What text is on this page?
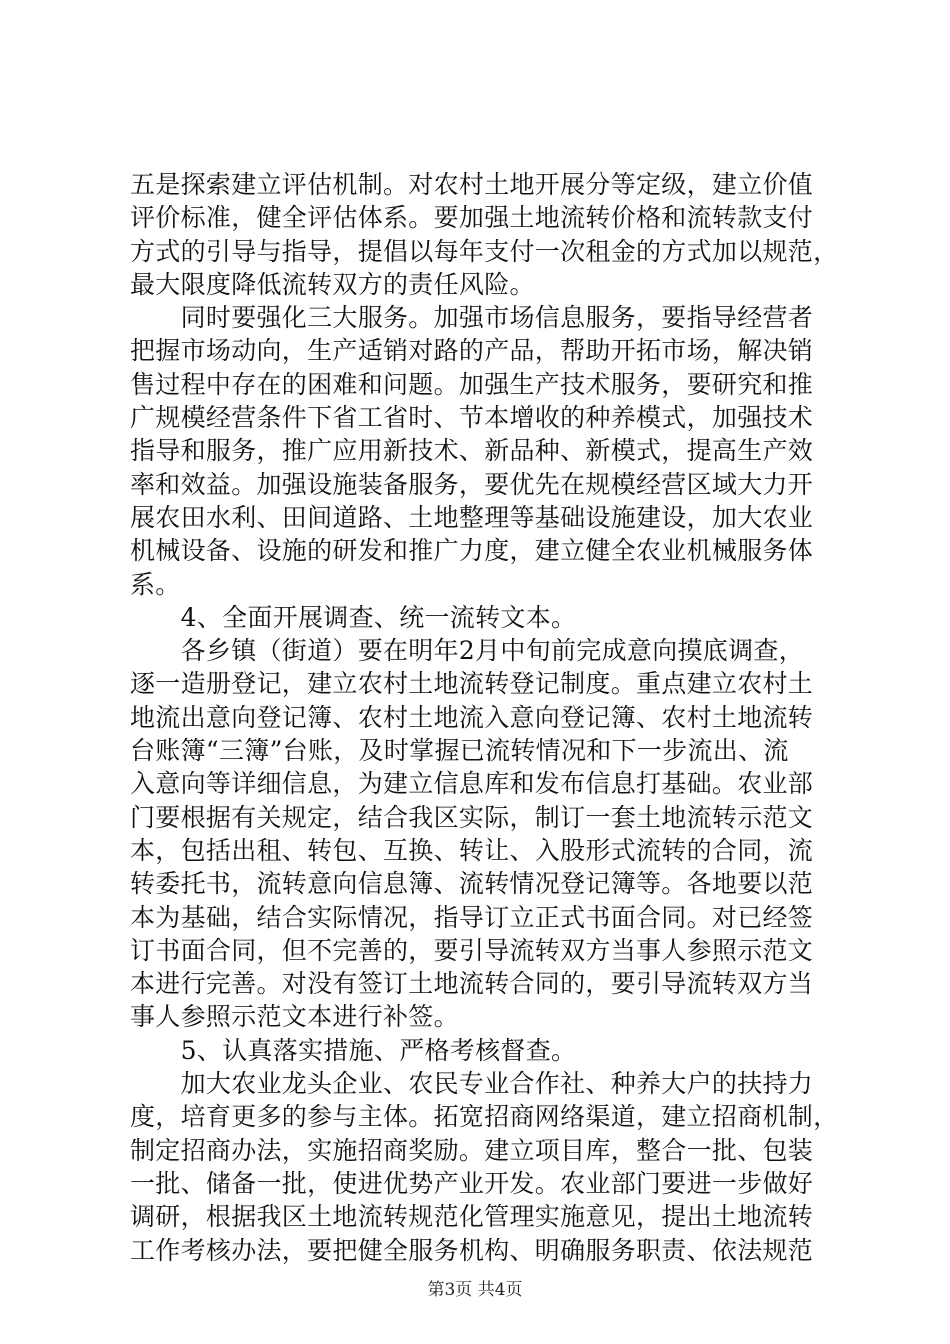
五是探索建立评估机制。对农村土地开展分等定级，建立价值
评价标准，健全评估体系。要加强土地流转价格和流转款支付
方式的引导与指导，提倡以每年支付一次租金的方式加以规范，
最大限度降低流转双方的责任风险。
　　同时要强化三大服务。加强市场信息服务，要指导经营者
把握市场动向，生产适销对路的产品，帮助开拓市场，解决销
售过程中存在的困难和问题。加强生产技术服务，要研究和推
广规模经营条件下省工省时、节本增收的种养模式，加强技术
指导和服务，推广应用新技术、新品种、新模式，提高生产效
率和效益。加强设施装备服务，要优先在规模经营区域大力开
展农田水利、田间道路、土地整理等基础设施建设，加大农业
机械设备、设施的研发和推广力度，建立健全农业机械服务体
系。
　　4、全面开展调查、统一流转文本。
　　各乡镇（街道）要在明年2月中旬前完成意向摸底调查，
逐一造册登记，建立农村土地流转登记制度。重点建立农村土
地流出意向登记簿、农村土地流入意向登记簿、农村土地流转
台账簿“三簿”台账，及时掌握已流转情况和下一步流出、流
入意向等详细信息，为建立信息库和发布信息打基础。农业部
门要根据有关规定，结合我区实际，制订一套土地流转示范文
本，包括出租、转包、互换、转让、入股形式流转的合同，流
转委托书，流转意向信息簿、流转情况登记簿等。各地要以范
本为基础，结合实际情况，指导订立正式书面合同。对已经签
订书面合同，但不完善的，要引导流转双方当事人参照示范文
本进行完善。对没有签订土地流转合同的，要引导流转双方当
事人参照示范文本进行补签。
　　5、认真落实措施、严格考核督查。
　　加大农业龙头企业、农民专业合作社、种养大户的扶持力
度，培育更多的参与主体。拓宽招商网络渠道，建立招商机制，
制定招商办法，实施招商奖励。建立项目库，整合一批、包装
一批、储备一批，使进优势产业开发。农业部门要进一步做好
调研，根据我区土地流转规范化管理实施意见，提出土地流转
工作考核办法，要把健全服务机构、明确服务职责、依法规范
第3页 共4页
